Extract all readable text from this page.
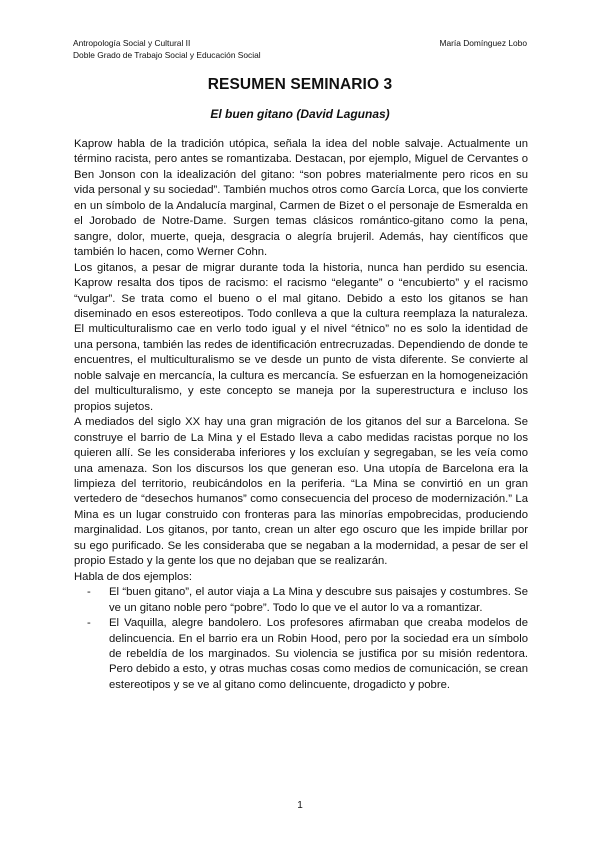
Antropología Social y Cultural II
Doble Grado de Trabajo Social y Educación Social
María Domínguez Lobo
RESUMEN SEMINARIO 3
El buen gitano (David Lagunas)

Kaprow habla de la tradición utópica, señala la idea del noble salvaje. Actualmente un término racista, pero antes se romantizaba. Destacan, por ejemplo, Miguel de Cervantes o Ben Jonson con la idealización del gitano: “son pobres materialmente pero ricos en su vida personal y su sociedad”. También muchos otros como García Lorca, que los convierte en un símbolo de la Andalucía marginal, Carmen de Bizet o el personaje de Esmeralda en el Jorobado de Notre-Dame. Surgen temas clásicos romántico-gitano como la pena, sangre, dolor, muerte, queja, desgracia o alegría brujeril. Además, hay científicos que también lo hacen, como Werner Cohn.

Los gitanos, a pesar de migrar durante toda la historia, nunca han perdido su esencia. Kaprow resalta dos tipos de racismo: el racismo “elegante” o “encubierto” y el racismo “vulgar”. Se trata como el bueno o el mal gitano. Debido a esto los gitanos se han diseminado en esos estereotipos. Todo conlleva a que la cultura reemplaza la naturaleza. El multiculturalismo cae en verlo todo igual y el nivel “étnico” no es solo la identidad de una persona, también las redes de identificación entrecruzadas. Dependiendo de donde te encuentres, el multiculturalismo se ve desde un punto de vista diferente. Se convierte al noble salvaje en mercancía, la cultura es mercancía. Se esfuerzan en la homogeneización del multiculturalismo, y este concepto se maneja por la superestructura e incluso los propios sujetos.

A mediados del siglo XX hay una gran migración de los gitanos del sur a Barcelona. Se construye el barrio de La Mina y el Estado lleva a cabo medidas racistas porque no los quieren allí. Se les consideraba inferiores y los excluían y segregaban, se les veía como una amenaza. Son los discursos los que generan eso. Una utopía de Barcelona era la limpieza del territorio, reubicándolos en la periferia. “La Mina se convirtió en un gran vertedero de “desechos humanos” como consecuencia del proceso de modernización.” La Mina es un lugar construido con fronteras para las minorías empobrecidas, produciendo marginalidad. Los gitanos, por tanto, crean un alter ego oscuro que les impide brillar por su ego purificado. Se les consideraba que se negaban a la modernidad, a pesar de ser el propio Estado y la gente los que no dejaban que se realizarán.

Habla de dos ejemplos:

- El “buen gitano”, el autor viaja a La Mina y descubre sus paisajes y costumbres. Se ve un gitano noble pero “pobre”. Todo lo que ve el autor lo va a romantizar.
- El Vaquilla, alegre bandolero. Los profesores afirmaban que creaba modelos de delincuencia. En el barrio era un Robin Hood, pero por la sociedad era un símbolo de rebeldía de los marginados. Su violencia se justifica por su misión redentora. Pero debido a esto, y otras muchas cosas como medios de comunicación, se crean estereotipos y se ve al gitano como delincuente, drogadicto y pobre.
1
